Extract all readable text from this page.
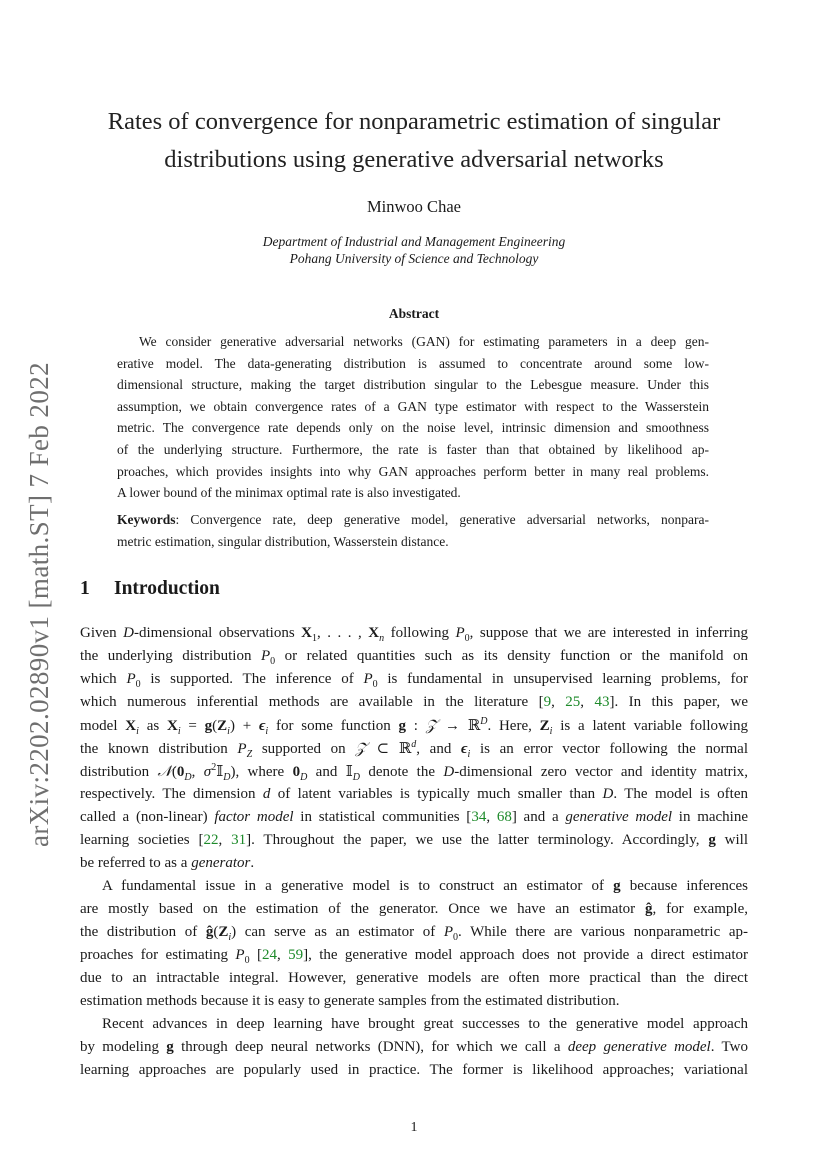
arXiv:2202.02890v1 [math.ST] 7 Feb 2022
Rates of convergence for nonparametric estimation of singular
distributions using generative adversarial networks
Minwoo Chae
Department of Industrial and Management Engineering
Pohang University of Science and Technology
Abstract
We consider generative adversarial networks (GAN) for estimating parameters in a deep gen-
erative model. The data-generating distribution is assumed to concentrate around some low-
dimensional structure, making the target distribution singular to the Lebesgue measure. Under this
assumption, we obtain convergence rates of a GAN type estimator with respect to the Wasserstein
metric. The convergence rate depends only on the noise level, intrinsic dimension and smoothness
of the underlying structure. Furthermore, the rate is faster than that obtained by likelihood ap-
proaches, which provides insights into why GAN approaches perform better in many real problems.
A lower bound of the minimax optimal rate is also investigated.
Keywords: Convergence rate, deep generative model, generative adversarial networks, nonpara-
metric estimation, singular distribution, Wasserstein distance.
1 Introduction
Given D-dimensional observations $X_1$, . . . , $X_n$ following $P_0$, suppose that we are interested in inferring
the underlying distribution $P_0$ or related quantities such as its density function or the manifold on
which $P_0$ is supported. The inference of $P_0$ is fundamental in unsupervised learning problems, for
which numerous inferential methods are available in the literature [9, 25, 43]. In this paper, we
model $X_i$ as $X_i = g(Z_i) + \epsilon_i$ for some function g : 𝒵 → ℝ$^D$. Here, $Z_i$ is a latent variable following
the known distribution $P_Z$ supported on 𝒵 ⊂ ℝ$^d$, and $\epsilon_i$ is an error vector following the normal
distribution $𝒩(0_D$, $\sigma^2𝕀_D$), where $0_D$ and 𝕀$_D$ denote the D-dimensional zero vector and identity matrix,
respectively. The dimension d of latent variables is typically much smaller than D. The model is often
called a (non-linear) factor model in statistical communities [34, 68] and a generative model in machine
learning societies [22, 31]. Throughout the paper, we use the latter terminology. Accordingly, g will
be referred to as a generator.
A fundamental issue in a generative model is to construct an estimator of g because inferences
are mostly based on the estimation of the generator. Once we have an estimator ĝ, for example,
the distribution of $ĝ(Z_i)$ can serve as an estimator of $P_0$. While there are various nonparametric ap-
proaches for estimating $P_0$ [24, 59], the generative model approach does not provide a direct estimator
due to an intractable integral. However, generative models are often more practical than the direct
estimation methods because it is easy to generate samples from the estimated distribution.
Recent advances in deep learning have brought great successes to the generative model approach
by modeling g through deep neural networks (DNN), for which we call a deep generative model. Two
learning approaches are popularly used in practice. The former is likelihood approaches; variational
1
